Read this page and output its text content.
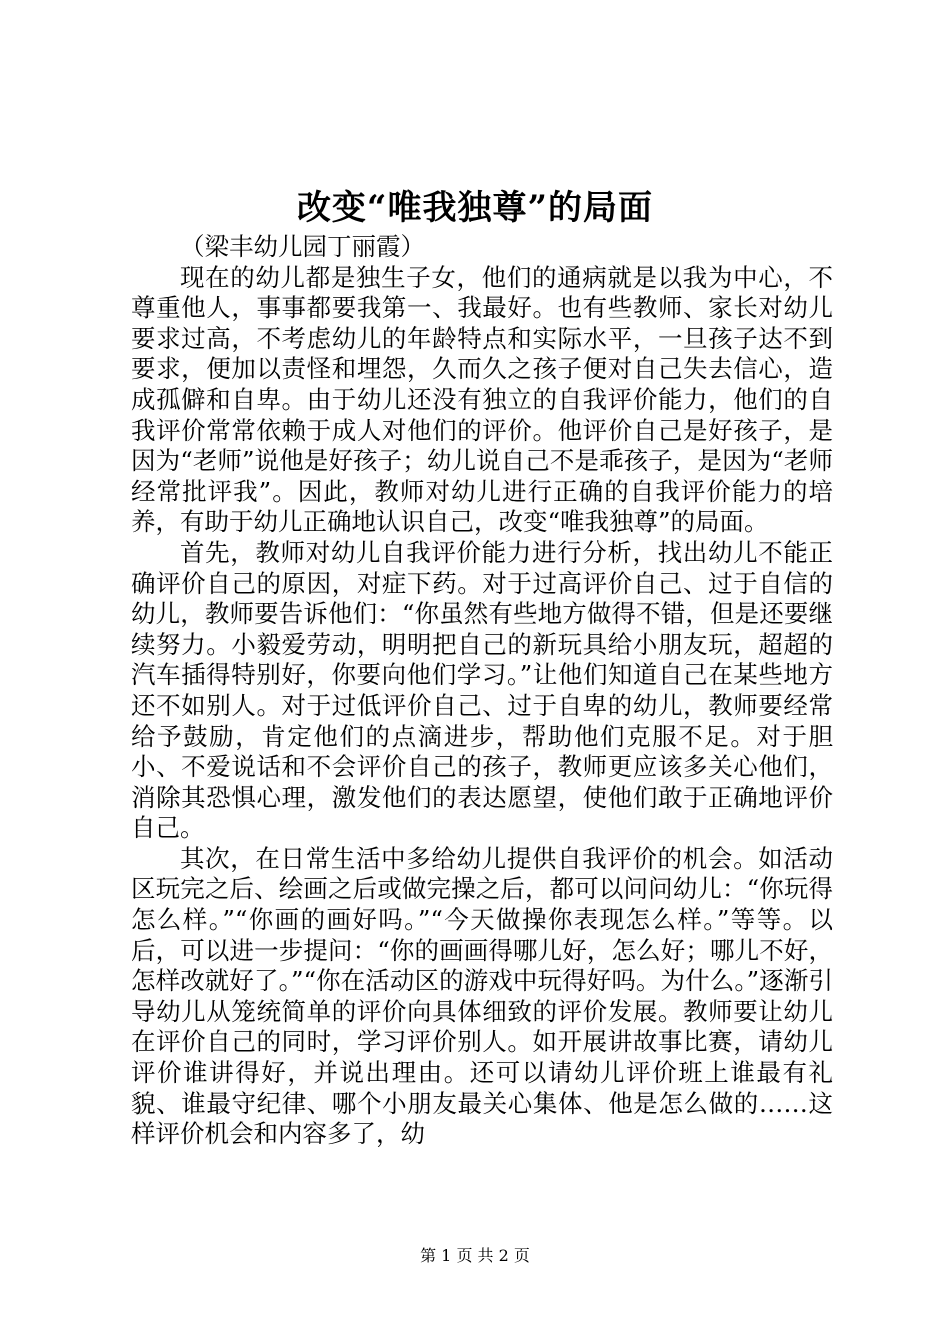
改变“唯我独尊”的局面

（梁丰幼儿园丁丽霞）

现在的幼儿都是独生子女，他们的通病就是以我为中心，不尊重他人，事事都要我第一、我最好。也有些教师、家长对幼儿要求过高，不考虑幼儿的年龄特点和实际水平，一旦孩子达不到要求，便加以责怪和埋怨，久而久之孩子便对自己失去信心，造成孤僻和自卑。由于幼儿还没有独立的自我评价能力，他们的自我评价常常依赖于成人对他们的评价。他评价自己是好孩子，是因为“老师”说他是好孩子；幼儿说自己不是乖孩子，是因为“老师经常批评我”。因此，教师对幼儿进行正确的自我评价能力的培养，有助于幼儿正确地认识自己，改变“唯我独尊”的局面。

首先，教师对幼儿自我评价能力进行分析，找出幼儿不能正确评价自己的原因，对症下药。对于过高评价自己、过于自信的幼儿，教师要告诉他们：“你虽然有些地方做得不错，但是还要继续努力。小毅爱劳动，明明把自己的新玩具给小朋友玩，超超的汽车插得特别好，你要向他们学习。”让他们知道自己在某些地方还不如别人。对于过低评价自己、过于自卑的幼儿，教师要经常给予鼓励，肯定他们的点滴进步，帮助他们克服不足。对于胆小、不爱说话和不会评价自己的孩子，教师更应该多关心他们，消除其恐惧心理，激发他们的表达愿望，使他们敢于正确地评价自己。

其次，在日常生活中多给幼儿提供自我评价的机会。如活动区玩完之后、绘画之后或做完操之后，都可以问问幼儿：“你玩得怎么样。”“你画的画好吗。”“今天做操你表现怎么样。”等等。以后，可以进一步提问：“你的画画得哪儿好，怎么好；哪儿不好，怎样改就好了。”“你在活动区的游戏中玩得好吗。为什么。”逐渐引导幼儿从笼统简单的评价向具体细致的评价发展。教师要让幼儿在评价自己的同时，学习评价别人。如开展讲故事比赛，请幼儿评价谁讲得好，并说出理由。还可以请幼儿评价班上谁最有礼貌、谁最守纪律、哪个小朋友最关心集体、他是怎么做的……这样评价机会和内容多了，幼

第 1 页 共 2 页
